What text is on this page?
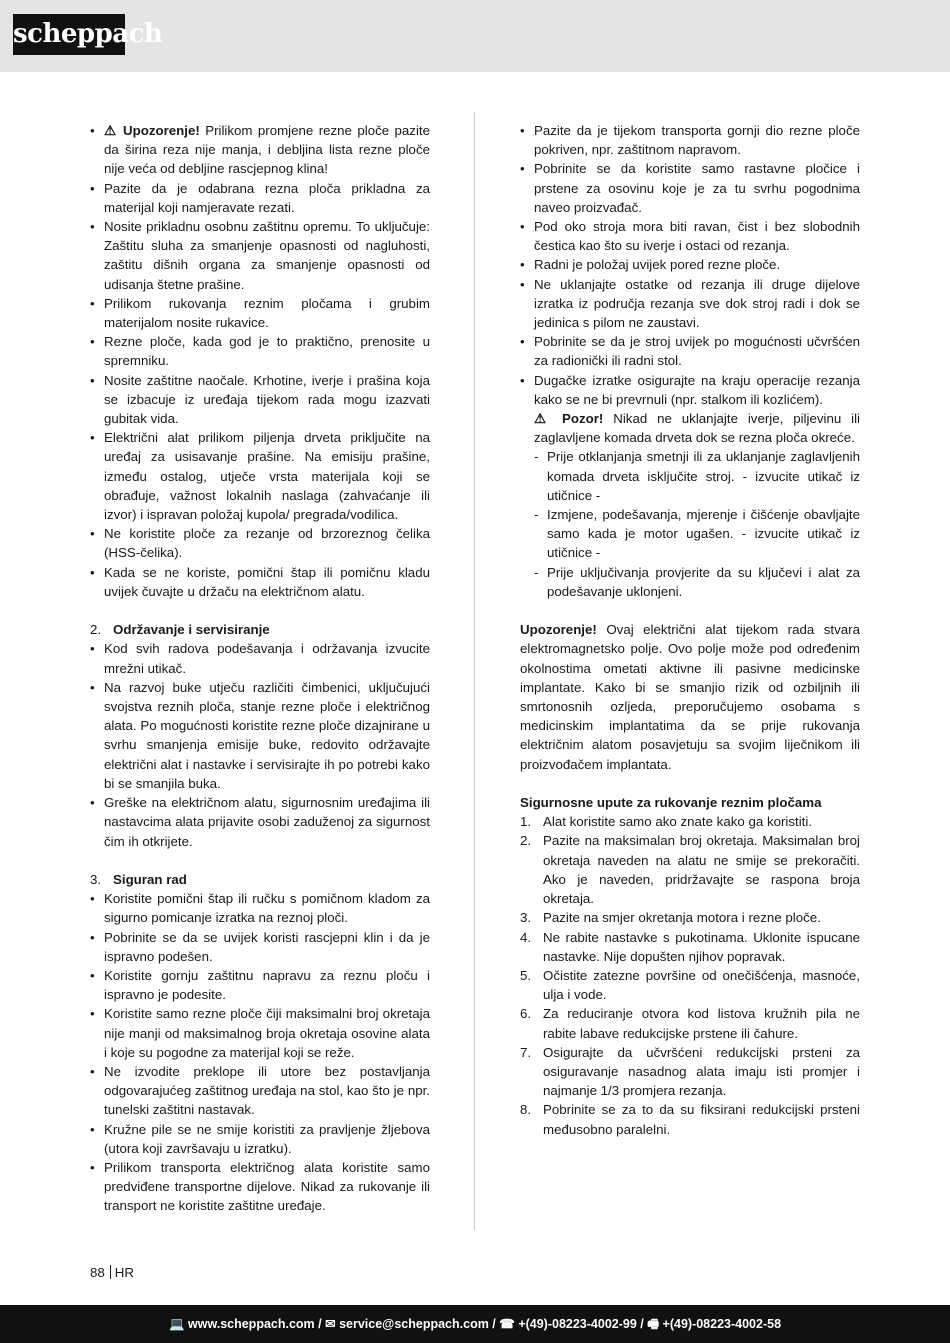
scheppach
• ⚠ Upozorenje! Prilikom promjene rezne ploče pazite da širina reza nije manja, i debljina lista rezne ploče nije veća od debljine rascjepnog klina!
• Pazite da je odabrana rezna ploča prikladna za materijal koji namjeravate rezati.
• Nosite prikladnu osobnu zaštitnu opremu. To uključuje: Zaštitu sluha za smanjenje opasnosti od nagluhosti, zaštitu dišnih organa za smanjenje opasnosti od udisanja štetne prašine.
• Prilikom rukovanja reznim pločama i grubim materijalom nosite rukavice.
• Rezne ploče, kada god je to praktično, prenosite u spremniku.
• Nosite zaštitne naočale. Krhotine, iverje i prašina koja se izbacuje iz uređaja tijekom rada mogu izazvati gubitak vida.
• Električni alat prilikom piljenja drveta priključite na uređaj za usisavanje prašine. Na emisiju prašine, između ostalog, utječe vrsta materijala koji se obrađuje, važnost lokalnih naslaga (zahvaćanje ili izvor) i ispravan položaj kupola/ pregrada/vodilica.
• Ne koristite ploče za rezanje od brzoreznog čelika (HSS-čelika).
• Kada se ne koriste, pomični štap ili pomičnu kladu uvijek čuvajte u držaču na električnom alatu.
2. Održavanje i servisiranje
• Kod svih radova podešavanja i održavanja izvucite mrežni utikač.
• Na razvoj buke utječu različiti čimbenici, uključujući svojstva reznih ploča, stanje rezne ploče i električnog alata. Po mogućnosti koristite rezne ploče dizajnirane u svrhu smanjenja emisije buke, redovito održavajte električni alat i nastavke i servisirajte ih po potrebi kako bi se smanjila buka.
• Greške na električnom alatu, sigurnosnim uređajima ili nastavcima alata prijavite osobi zaduženoj za sigurnost čim ih otkrijete.
3. Siguran rad
• Koristite pomični štap ili ručku s pomičnom kladom za sigurno pomicanje izratka na reznoj ploči.
• Pobrinite se da se uvijek koristi rascjepni klin i da je ispravno podešen.
• Koristite gornju zaštitnu napravu za reznu ploču i ispravno je podesite.
• Koristite samo rezne ploče čiji maksimalni broj okretaja nije manji od maksimalnog broja okretaja osovine alata i koje su pogodne za materijal koji se reže.
• Ne izvodite preklope ili utore bez postavljanja odgovarajućeg zaštitnog uređaja na stol, kao što je npr. tunelski zaštitni nastavak.
• Kružne pile se ne smije koristiti za pravljenje žljebova (utora koji završavaju u izratku).
• Prilikom transporta električnog alata koristite samo predviđene transportne dijelove. Nikad za rukovanje ili transport ne koristite zaštitne uređaje.
• Pazite da je tijekom transporta gornji dio rezne ploče pokriven, npr. zaštitnom napravom.
• Pobrinite se da koristite samo rastavne pločice i prstene za osovinu koje je za tu svrhu pogodnima naveo proizvađač.
• Pod oko stroja mora biti ravan, čist i bez slobodnih čestica kao što su iverje i ostaci od rezanja.
• Radni je položaj uvijek pored rezne ploče.
• Ne uklanjajte ostatke od rezanja ili druge dijelove izratka iz područja rezanja sve dok stroj radi i dok se jedinica s pilom ne zaustavi.
• Pobrinite se da je stroj uvijek po mogućnosti učvršćen za radionički ili radni stol.
• Dugačke izratke osigurajte na kraju operacije rezanja kako se ne bi prevrnuli (npr. stalkom ili kozlićem).
⚠ Pozor! Nikad ne uklanjajte iverje, piljevinu ili zaglavljene komada drveta dok se rezna ploča okreće.
- Prije otklanjanja smetnji ili za uklanjanje zaglavljenih komada drveta isključite stroj. - izvucite utikač iz utičnice -
- Izmjene, podešavanja, mjerenje i čišćenje obavljajte samo kada je motor ugašen. - izvucite utikač iz utičnice -
- Prije uključivanja provjerite da su ključevi i alat za podešavanje uklonjeni.

Upozorenje! Ovaj električni alat tijekom rada stvara elektromagnetsko polje. Ovo polje može pod određenim okolnostima ometati aktivne ili pasivne medicinske implantate. Kako bi se smanjio rizik od ozbiljnih ili smrtonosnih ozljeda, preporučujemo osobama s medicinskim implantatima da se prije rukovanja električnim alatom posavjetuju sa svojim liječnikom ili proizvođačem implantata.

Sigurnosne upute za rukovanje reznim pločama
1. Alat koristite samo ako znate kako ga koristiti.
2. Pazite na maksimalan broj okretaja. Maksimalan broj okretaja naveden na alatu ne smije se prekoračiti. Ako je naveden, pridržavajte se raspona broja okretaja.
3. Pazite na smjer okretanja motora i rezne ploče.
4. Ne rabite nastavke s pukotinama. Uklonite ispucane nastavke. Nije dopušten njihov popravak.
5. Očistite zatezne površine od onečišćenja, masnoće, ulja i vode.
6. Za reduciranje otvora kod listova kružnih pila ne rabite labave redukcijske prstene ili čahure.
7. Osigurajte da učvršćeni redukcijski prsteni za osiguravanje nasadnog alata imaju isti promjer i najmanje 1/3 promjera rezanja.
8. Pobrinite se za to da su fiksirani redukcijski prsteni međusobno paralelni.
88 HR
💻 www.scheppach.com / ✉ service@scheppach.com / ☎ +(49)-08223-4002-99 / 🖷 +(49)-08223-4002-58
